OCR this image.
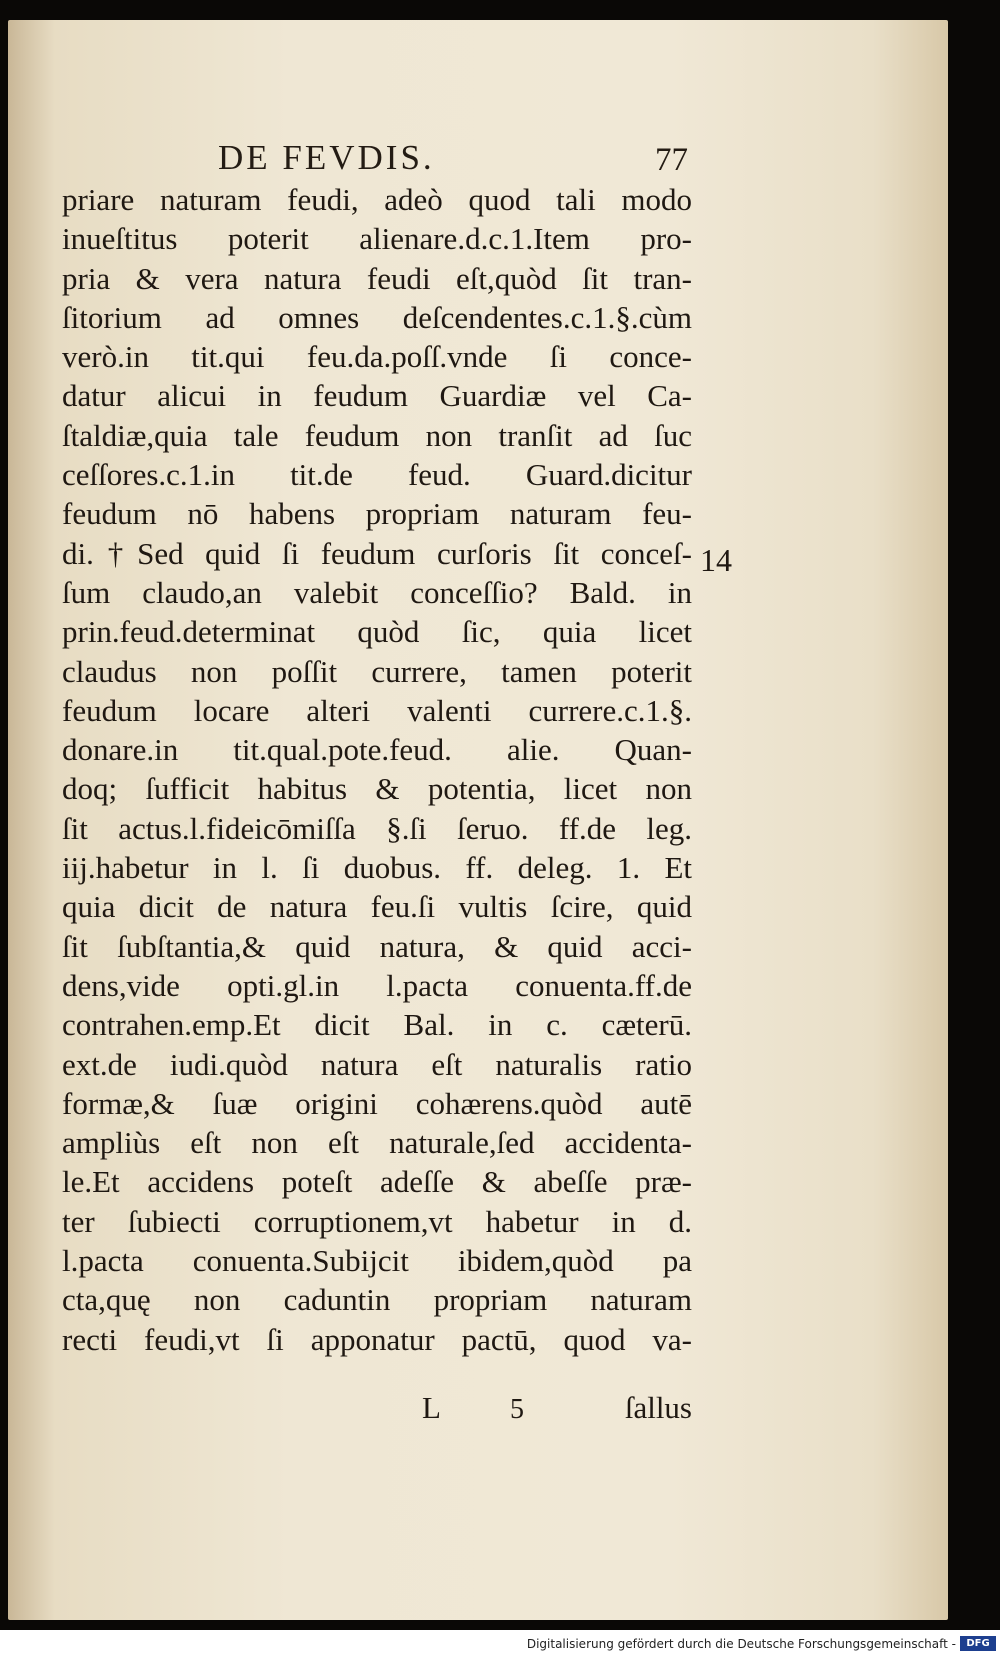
DE FEVDIS.	77
priare naturam feudi, adeò quod tali modo
inueſtitus poterit alienare.d.c.1.Item pro-
pria & vera natura feudi eſt,quòd ſit tran-
ſitorium ad omnes deſcendentes.c.1.§.cùm
verò.in tit.qui feu.da.poſſ.vnde ſi conce-
datur alicui in feudum Guardiæ vel Ca-
ſtaldiæ,quia tale feudum non tranſit ad ſuc
ceſſores.c.1.in tit.de feud. Guard.dicitur
feudum nō habens propriam naturam feu-
di.†Sed quid ſi feudum curſoris ſit conceſ-
ſum claudo,an valebit conceſſio? Bald. in
prin.feud.determinat quòd ſic, quia licet
claudus non poſſit currere, tamen poterit
feudum locare alteri valenti currere.c.1.§.
donare.in tit.qual.pote.feud. alie. Quan-
doq; ſufficit habitus & potentia, licet non
ſit actus.l.fideicōmiſſa §.ſi ſeruo. ff.de leg.
iij.habetur in l. ſi duobus. ff. deleg. 1. Et
quia dicit de natura feu.ſi vultis ſcire, quid
ſit ſubſtantia,& quid natura, & quid acci-
dens,vide opti.gl.in l.pacta conuenta.ff.de
contrahen.emp.Et dicit Bal. in c. cæterū.
ext.de iudi.quòd natura eſt naturalis ratio
formæ,& ſuæ origini cohærens.quòd autē
ampliùs eſt non eſt naturale,ſed accidenta-
le.Et accidens poteſt adeſſe & abeſſe præ-
ter ſubiecti corruptionem,vt habetur in d.
l.pacta conuenta.Subijcit ibidem,quòd pa
cta,quę non caduntin propriam naturam
recti feudi,vt ſi apponatur pactū, quod va-
14
L 5	ſallus
Digitalisierung gefördert durch die Deutsche Forschungsgemeinschaft -	DFG
